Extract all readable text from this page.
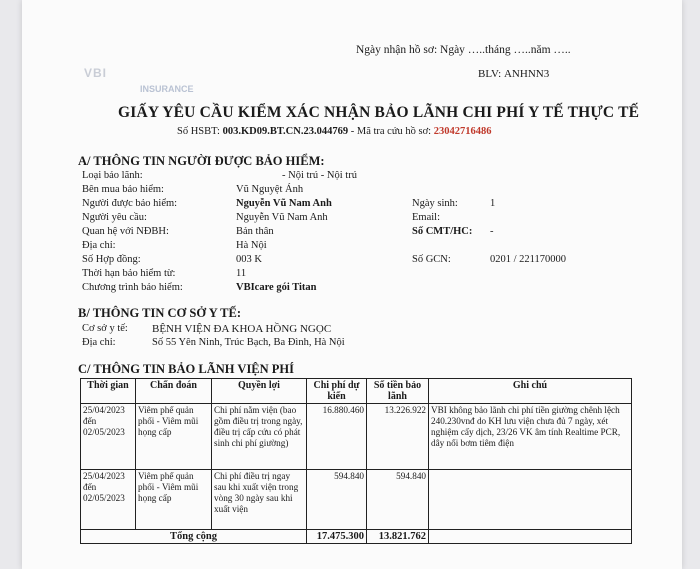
VBI
INSURANCE
Ngày nhận hồ sơ: Ngày …..tháng …..năm …..
BLV: ANHNN3
GIẤY YÊU CẦU KIỂM XÁC NHẬN BẢO LÃNH CHI PHÍ Y TẾ THỰC TẾ
Số HSBT: 003.KD09.BT.CN.23.044769 - Mã tra cứu hồ sơ: 23042716486
A/ THÔNG TIN NGƯỜI ĐƯỢC BẢO HIỂM:
Loại bảo lãnh:	- Nội trú - Nội trú
Bên mua bảo hiểm:	Vũ Nguyệt Ánh
Người được bảo hiểm:	Nguyễn Vũ Nam Anh	Ngày sinh:	1
Người yêu cầu:	Nguyễn Vũ Nam Anh	Email:
Quan hệ với NĐBH:	Bản thân	Số CMT/HC: -
Địa chỉ:	Hà Nội
Số Hợp đồng:	003 K	Số GCN:	0201 / 221170000
Thời hạn bảo hiểm từ:	11
Chương trình bảo hiểm:	VBIcare gói Titan
B/ THÔNG TIN CƠ SỞ Y TẾ:
Cơ sở y tế: BỆNH VIỆN ĐA KHOA HỒNG NGỌC
Địa chỉ:	Số 55 Yên Ninh, Trúc Bạch, Ba Đình, Hà Nội
C/ THÔNG TIN BẢO LÃNH VIỆN PHÍ
Thời gian	Chẩn đoán	Quyền lợi	Chi phí dự kiến	Số tiền bảo lãnh	Ghi chú
25/04/2023 đến 02/05/2023	Viêm phế quản phổi - Viêm mũi họng cấp	Chi phí nằm viện (bao gồm điều trị trong ngày, điều trị cấp cứu có phát sinh chi phí giường)	16.880.460	13.226.922	VBI không bảo lãnh chi phí tiền giường chênh lệch 240.230vnđ do KH lưu viện chưa đủ 7 ngày, xét nghiệm cấy dịch, 23/26 VK âm tính Realtime PCR, dây nối bơm tiêm điện
25/04/2023 đến 02/05/2023	Viêm phế quản phổi - Viêm mũi họng cấp	Chi phí điều trị ngay sau khi xuất viện trong vòng 30 ngày sau khi xuất viện	594.840	594.840	
Tổng cộng			17.475.300	13.821.762	
